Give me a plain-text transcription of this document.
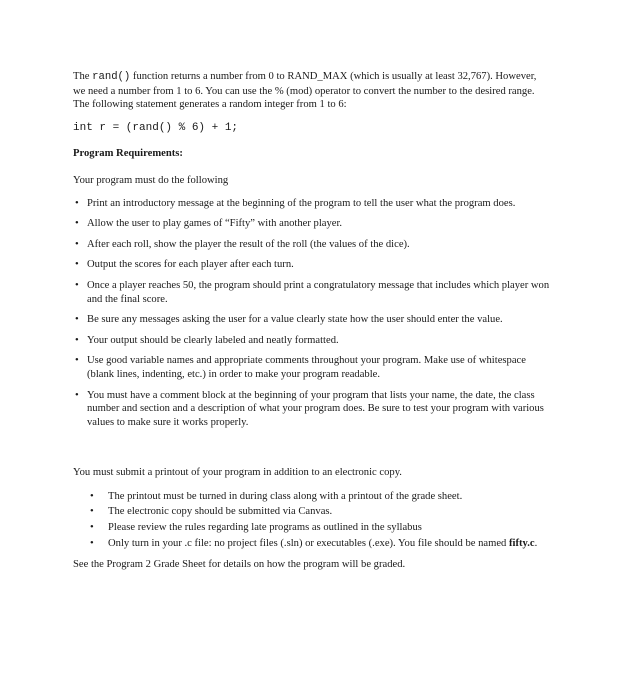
The rand() function returns a number from 0 to RAND_MAX (which is usually at least 32,767). However, we need a number from 1 to 6. You can use the % (mod) operator to convert the number to the desired range. The following statement generates a random integer from 1 to 6:

int r = (rand() % 6) + 1;

Program Requirements:

Your program must do the following

• Print an introductory message at the beginning of the program to tell the user what the program does.
• Allow the user to play games of “Fifty” with another player.
• After each roll, show the player the result of the roll (the values of the dice).
• Output the scores for each player after each turn.
• Once a player reaches 50, the program should print a congratulatory message that includes which player won and the final score.
• Be sure any messages asking the user for a value clearly state how the user should enter the value.
• Your output should be clearly labeled and neatly formatted.
• Use good variable names and appropriate comments throughout your program. Make use of whitespace (blank lines, indenting, etc.) in order to make your program readable.
• You must have a comment block at the beginning of your program that lists your name, the date, the class number and section and a description of what your program does. Be sure to test your program with various values to make sure it works properly.

You must submit a printout of your program in addition to an electronic copy.

• The printout must be turned in during class along with a printout of the grade sheet.
• The electronic copy should be submitted via Canvas.
• Please review the rules regarding late programs as outlined in the syllabus
• Only turn in your .c file: no project files (.sln) or executables (.exe). You file should be named fifty.c.

See the Program 2 Grade Sheet for details on how the program will be graded.
